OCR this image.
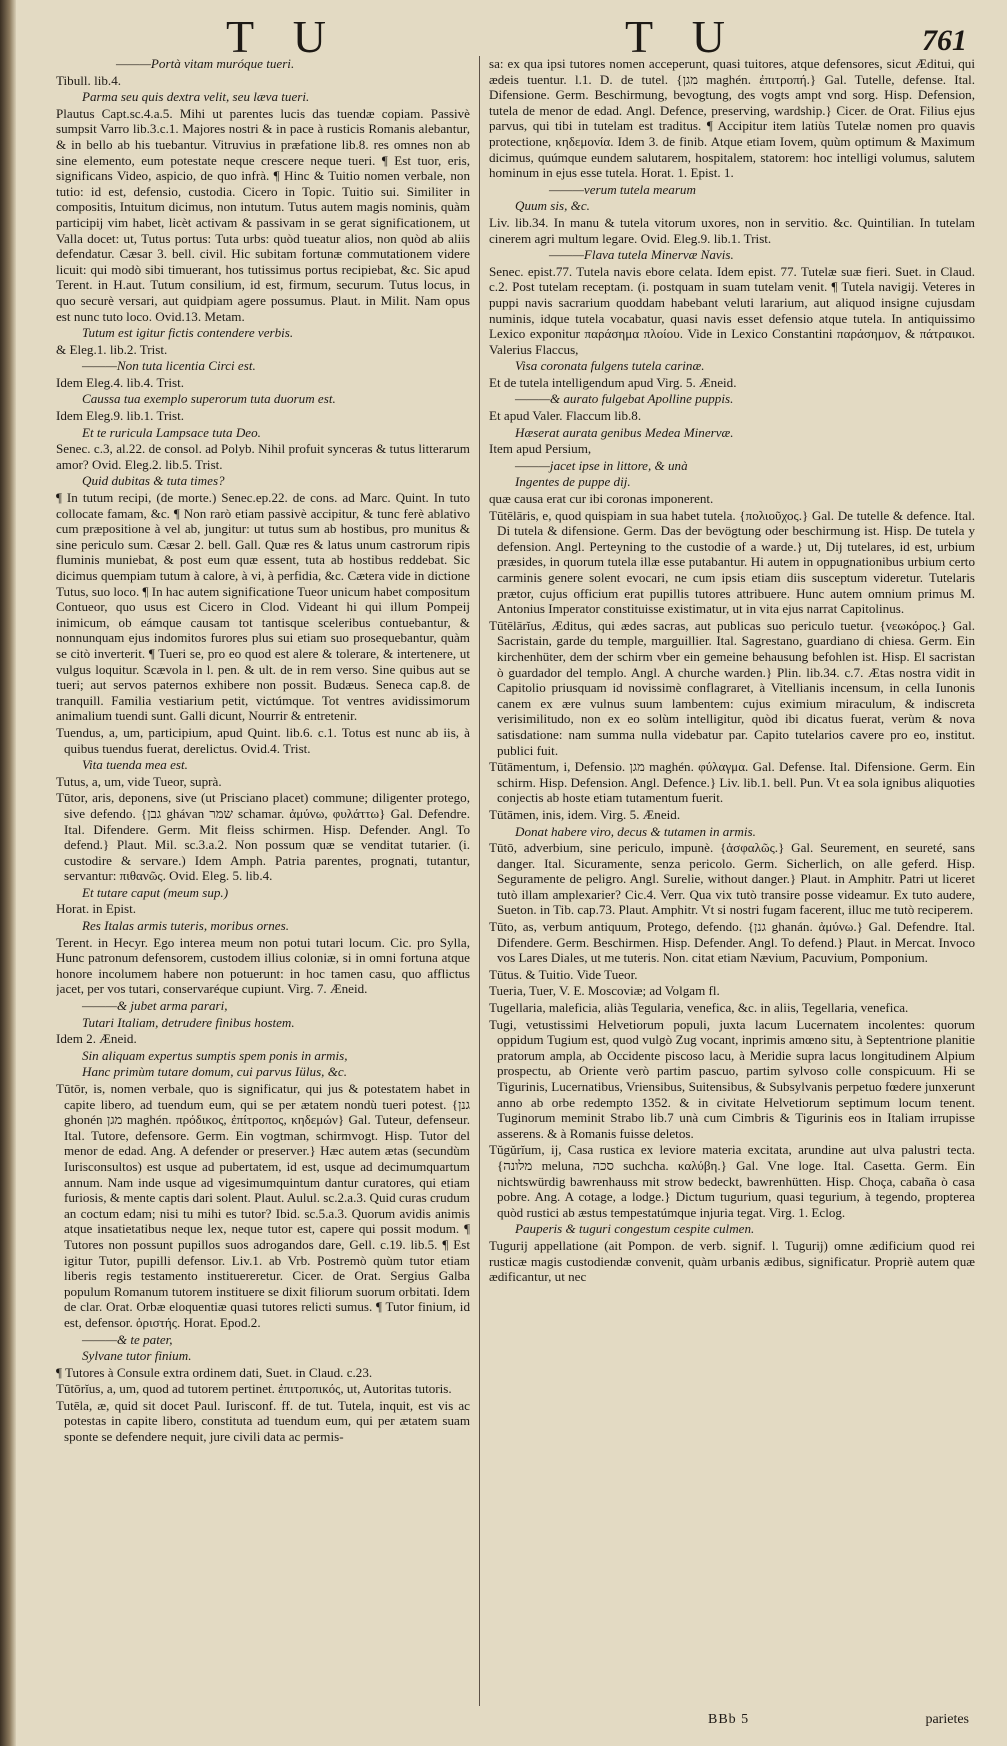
T U	T U	761

———Portà vitam muróque tueri.

Tibull. lib.4.

Parma seu quis dextra velit, seu læva tueri.

Plautus Capt.sc.4.a.5. Mihi ut parentes lucis das tuendæ copiam. Passivè sumpsit Varro lib.3.c.1. Majores nostri & in pace à rusticis Romanis alebantur, & in bello ab his tuebantur. Vitruvius in præfatione lib.8. res omnes non ab sine elemento, eum potestate neque crescere neque tueri. ¶ Est tuor, eris, significans Video, aspicio, de quo infrà. ¶ Hinc & Tuitio nomen verbale, non tutio: id est, defensio, custodia. Cicero in Topic. Tuitio sui. Similiter in compositis, Intuitum dicimus, non intutum. Tutus autem magis nominis, quàm participij vim habet, licèt activam & passivam in se gerat significationem, ut Valla docet: ut, Tutus portus: Tuta urbs: quòd tueatur alios, non quòd ab aliis defendatur. Cæsar 3. bell. civil. Hic subitam fortunæ commutationem videre licuit: qui modò sibi timuerant, hos tutissimus portus recipiebat, &c. Sic apud Terent. in H.aut. Tutum consilium, id est, firmum, securum. Tutus locus, in quo securè versari, aut quidpiam agere possumus. Plaut. in Milit. Nam opus est nunc tuto loco. Ovid.13. Metam.

Tutum est igitur fictis contendere verbis.

& Eleg.1. lib.2. Trist.

———Non tuta licentia Circi est.

Idem Eleg.4. lib.4. Trist.

Caussa tua exemplo superorum tuta duorum est.

Idem Eleg.9. lib.1. Trist.

Et te ruricula Lampsace tuta Deo.

Senec. c.3, al.22. de consol. ad Polyb. Nihil profuit synceras & tutus litterarum amor? Ovid. Eleg.2. lib.5. Trist.

Quid dubitas & tuta times?

¶ In tutum recipi, (de morte.) Senec.ep.22. de cons. ad Marc. Quint. In tuto collocate famam, &c. ¶ Non rarò etiam passivè accipitur, & tunc ferè ablativo cum præpositione à vel ab, jungitur: ut tutus sum ab hostibus, pro munitus & sine periculo sum. Cæsar 2. bell. Gall. Quæ res & latus unum castrorum ripis fluminis muniebat, & post eum quæ essent, tuta ab hostibus reddebat. Sic dicimus quempiam tutum à calore, à vi, à perfidia, &c. Cætera vide in dictione Tutus, suo loco. ¶ In hac autem significatione Tueor unicum habet compositum Contueor, quo usus est Cicero in Clod. Videant hi qui illum Pompeij inimicum, ob eámque causam tot tantisque sceleribus contuebantur, & nonnunquam ejus indomitos furores plus sui etiam suo prosequebantur, quàm se citò inverterit. ¶ Tueri se, pro eo quod est alere & tolerare, & intertenere, ut vulgus loquitur. Scævola in l. pen. & ult. de in rem verso. Sine quibus aut se tueri; aut servos paternos exhibere non possit. Budæus. Seneca cap.8. de tranquill. Familia vestiarium petit, victúmque. Tot ventres avidissimorum animalium tuendi sunt. Galli dicunt, Nourrir & entretenir.

Tuendus, a, um, participium, apud Quint. lib.6. c.1. Totus est nunc ab iis, à quibus tuendus fuerat, derelictus. Ovid.4. Trist.

Vita tuenda mea est.

Tutus, a, um, vide Tueor, suprà.

Tūtor, aris, deponens, sive (ut Prisciano placet) commune; diligenter protego, sive defendo. {גבן ghávan שמר schamar. ἀμύνω, φυλάττω} Gal. Defendre. Ital. Difendere. Germ. Mit fleiss schirmen. Hisp. Defender. Angl. To defend.} Plaut. Mil. sc.3.a.2. Non possum quæ se venditat tutarier. (i. custodire & servare.) Idem Amph. Patria parentes, prognati, tutantur, servantur: πιθανῶς. Ovid. Eleg. 5. lib.4.

Et tutare caput (meum sup.)

Horat. in Epist.

Res Italas armis tuteris, moribus ornes.

Terent. in Hecyr. Ego interea meum non potui tutari locum. Cic. pro Sylla, Hunc patronum defensorem, custodem illius coloniæ, si in omni fortuna atque honore incolumem habere non potuerunt: in hoc tamen casu, quo afflictus jacet, per vos tutari, conservaréque cupiunt. Virg. 7. Æneid.

———& jubet arma parari,

Tutari Italiam, detrudere finibus hostem.

Idem 2. Æneid.

Sin aliquam expertus sumptis spem ponis in armis,

Hanc primùm tutare domum, cui parvus Iülus, &c.

Tūtōr, is, nomen verbale, quo is significatur, qui jus & potestatem habet in capite libero, ad tuendum eum, qui se per ætatem nondù tueri potest. {גנן ghonén מגן maghén. πρόδικος, ἐπίτροπος, κηδεμών} Gal. Tuteur, defenseur. Ital. Tutore, defensore. Germ. Ein vogtman, schirmvogt. Hisp. Tutor del menor de edad. Ang. A defender or preserver.} Hæc autem ætas (secundùm Iurisconsultos) est usque ad pubertatem, id est, usque ad decimumquartum annum. Nam inde usque ad vigesimumquintum dantur curatores, qui etiam furiosis, & mente captis dari solent. Plaut. Aulul. sc.2.a.3. Quid curas crudum an coctum edam; nisi tu mihi es tutor? Ibid. sc.5.a.3. Quorum avidis animis atque insatietatibus neque lex, neque tutor est, capere qui possit modum. ¶ Tutores non possunt pupillos suos adrogandos dare, Gell. c.19. lib.5. ¶ Est igitur Tutor, pupilli defensor. Liv.1. ab Vrb. Postremò quùm tutor etiam liberis regis testamento instituereretur. Cicer. de Orat. Sergius Galba populum Romanum tutorem instituere se dixit filiorum suorum orbitati. Idem de clar. Orat. Orbæ eloquentiæ quasi tutores relicti sumus. ¶ Tutor finium, id est, defensor. ὁριστής. Horat. Epod.2.

———& te pater,

Sylvane tutor finium.

¶ Tutores à Consule extra ordinem dati, Suet. in Claud. c.23.

Tūtōrĭus, a, um, quod ad tutorem pertinet. ἐπιτροπικός, ut, Autoritas tutoris.

Tutēla, æ, quid sit docet Paul. Iurisconf. ff. de tut. Tutela, inquit, est vis ac potestas in capite libero, constituta ad tuendum eum, qui per ætatem suam sponte se defendere nequit, jure civili data ac permis-

sa: ex qua ipsi tutores nomen acceperunt, quasi tuitores, atque defensores, sicut Æditui, qui ædeis tuentur. l.1. D. de tutel. {מגן maghén. ἐπιτροπή.} Gal. Tutelle, defense. Ital. Difensione. Germ. Beschirmung, bevogtung, des vogts ampt vnd sorg. Hisp. Defension, tutela de menor de edad. Angl. Defence, preserving, wardship.} Cicer. de Orat. Filius ejus parvus, qui tibi in tutelam est traditus. ¶ Accipitur item latiùs Tutelæ nomen pro quavis protectione, κηδεμονία. Idem 3. de finib. Atque etiam Iovem, quùm optimum & Maximum dicimus, quúmque eundem salutarem, hospitalem, statorem: hoc intelligi volumus, salutem hominum in ejus esse tutela. Horat. 1. Epist. 1.

———verum tutela mearum

Quum sis, &c.

Liv. lib.34. In manu & tutela vitorum uxores, non in servitio. &c. Quintilian. In tutelam cinerem agri multum legare. Ovid. Eleg.9. lib.1. Trist.

———Flava tutela Minervæ Navis.

Senec. epist.77. Tutela navis ebore celata. Idem epist. 77. Tutelæ suæ fieri. Suet. in Claud. c.2. Post tutelam receptam. (i. postquam in suam tutelam venit. ¶ Tutela navigij. Veteres in puppi navis sacrarium quoddam habebant veluti lararium, aut aliquod insigne cujusdam numinis, idque tutela vocabatur, quasi navis esset defensio atque tutela. In antiquissimo Lexico exponitur παράσημα πλοίου. Vide in Lexico Constantini παράσημον, & πάτραικοι. Valerius Flaccus,

Visa coronata fulgens tutela carinæ.

Et de tutela intelligendum apud Virg. 5. Æneid.

———& aurato fulgebat Apolline puppis.

Et apud Valer. Flaccum lib.8.

Hæserat aurata genibus Medea Minervæ.

Item apud Persium,

———jacet ipse in littore, & unà

Ingentes de puppe dij.

quæ causa erat cur ibi coronas imponerent.

Tūtēlāris, e, quod quispiam in sua habet tutela. {πολιοῦχος.} Gal. De tutelle & defence. Ital. Di tutela & difensione. Germ. Das der bevögtung oder beschirmung ist. Hisp. De tutela y defension. Angl. Perteyning to the custodie of a warde.} ut, Dij tutelares, id est, urbium præsides, in quorum tutela illæ esse putabantur. Hi autem in oppugnationibus urbium certo carminis genere solent evocari, ne cum ipsis etiam diis susceptum videretur. Tutelaris prætor, cujus officium erat pupillis tutores attribuere. Hunc autem omnium primus M. Antonius Imperator constituisse existimatur, ut in vita ejus narrat Capitolinus.

Tūtēlārĭus, Æditus, qui ædes sacras, aut publicas suo periculo tuetur. {νεωκόρος.} Gal. Sacristain, garde du temple, marguillier. Ital. Sagrestano, guardiano di chiesa. Germ. Ein kirchenhüter, dem der schirm vber ein gemeine behausung befohlen ist. Hisp. El sacristan ò guardador del templo. Angl. A churche warden.} Plin. lib.34. c.7. Ætas nostra vidit in Capitolio priusquam id novissimè conflagraret, à Vitellianis incensum, in cella Iunonis canem ex ære vulnus suum lambentem: cujus eximium miraculum, & indiscreta verisimilitudo, non ex eo solùm intelligitur, quòd ibi dicatus fuerat, verùm & nova satisdatione: nam summa nulla videbatur par. Capito tutelarios cavere pro eo, institut. publici fuit.

Tūtāmentum, i, Defensio. מגן maghén. φύλαγμα. Gal. Defense. Ital. Difensione. Germ. Ein schirm. Hisp. Defension. Angl. Defence.} Liv. lib.1. bell. Pun. Vt ea sola ignibus aliquoties conjectis ab hoste etiam tutamentum fuerit.

Tūtāmen, inis, idem. Virg. 5. Æneid.

Donat habere viro, decus & tutamen in armis.

Tūtō, adverbium, sine periculo, impunè. {ἀσφαλῶς.} Gal. Seurement, en seureté, sans danger. Ital. Sicuramente, senza pericolo. Germ. Sicherlich, on alle geferd. Hisp. Seguramente de peligro. Angl. Surelie, without danger.} Plaut. in Amphitr. Patri ut liceret tutò illam amplexarier? Cic.4. Verr. Qua vix tutò transire posse videamur. Ex tuto audere, Sueton. in Tib. cap.73. Plaut. Amphitr. Vt si nostri fugam facerent, illuc me tutò reciperem.

Tūto, as, verbum antiquum, Protego, defendo. {גנן ghanán. ἀμύνω.} Gal. Defendre. Ital. Difendere. Germ. Beschirmen. Hisp. Defender. Angl. To defend.} Plaut. in Mercat. Invoco vos Lares Diales, ut me tuteris. Non. citat etiam Nævium, Pacuvium, Pomponium.

Tūtus. & Tuitio. Vide Tueor.

Tueria, Tuer, V. E. Moscoviæ; ad Volgam fl.

Tugellaria, maleficia, aliàs Tegularia, venefica, &c. in aliis, Tegellaria, venefica.

Tugi, vetustissimi Helvetiorum populi, juxta lacum Lucernatem incolentes: quorum oppidum Tugium est, quod vulgò Zug vocant, inprimis amœno situ, à Septentrione planitie pratorum ampla, ab Occidente piscoso lacu, à Meridie supra lacus longitudinem Alpium prospectu, ab Oriente verò partim pascuo, partim sylvoso colle conspicuum. Hi se Tigurinis, Lucernatibus, Vriensibus, Suitensibus, & Subsylvanis perpetuo fœdere junxerunt anno ab orbe redempto 1352. & in civitate Helvetiorum septimum locum tenent. Tuginorum meminit Strabo lib.7 unà cum Cimbris & Tigurinis eos in Italiam irrupisse asserens. & à Romanis fuisse deletos.

Tŭgŭrĭum, ij, Casa rustica ex leviore materia excitata, arundine aut ulva palustri tecta. {מלונה meluna, סכה suchcha. καλύβη.} Gal. Vne loge. Ital. Casetta. Germ. Ein nichtswürdig bawrenhauss mit strow bedeckt, bawrenhütten. Hisp. Choça, cabaña ò casa pobre. Ang. A cotage, a lodge.} Dictum tugurium, quasi tegurium, à tegendo, propterea quòd rustici ab æstus tempestatúmque injuria tegat. Virg. 1. Eclog.

Pauperis & tuguri congestum cespite culmen.

Tugurij appellatione (ait Pompon. de verb. signif. l. Tugurij) omne ædificium quod rei rusticæ magis custodiendæ convenit, quàm urbanis ædibus, significatur. Propriè autem quæ ædificantur, ut nec

BBb 5	parietes
